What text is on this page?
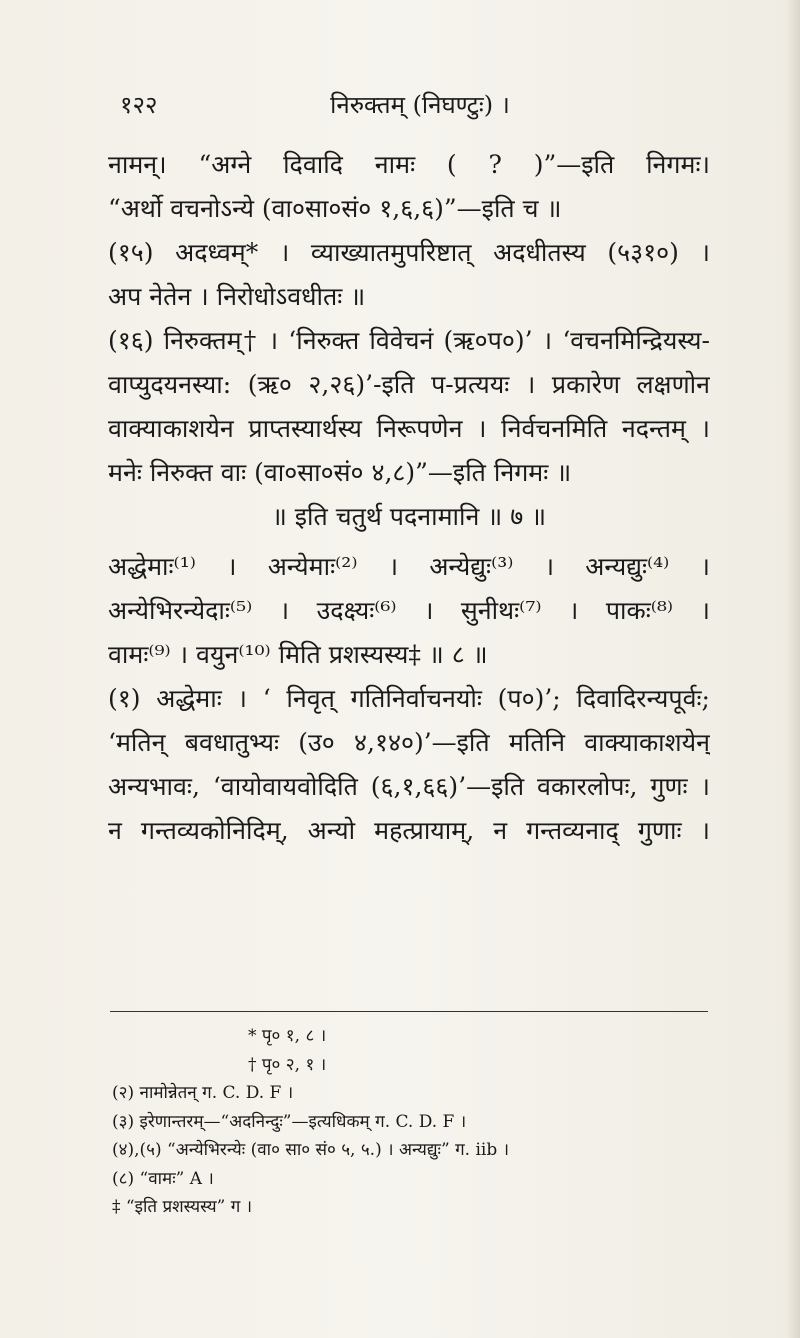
१२२	निरुक्तम् (निघण्टुः) ।
नामन्। “अग्ने दिवादि नामः ( ? )”—इति निगमः।
“अर्थो वचनोऽन्ये (वा०सा०सं० १,६,६)”—इति च ॥
(१५) अदध्वम्* । व्याख्यातमुपरिष्टात् अदधीतस्य (५३१०) ।
अप नेतेन । निरोधोऽवधीतः ॥
(१६) निरुक्तम्† । ‘निरुक्त विवेचनं (ऋ०प०)’ । ‘वचनमिन्द्रियस्य-
वाप्युदयनस्या: (ऋ० २,२६)’-इति प-प्रत्ययः । प्रकारेण लक्षणोन
वाक्याकाशयेन प्राप्तस्यार्थस्य निरूपणेन । निर्वचनमिति नदन्तम् ।
मनेः निरुक्त वाः (वा०सा०सं० ४,८)”—इति निगमः ॥
॥ इति चतुर्थ पदनामानि ॥ ७ ॥
अद्धेमाः⁽¹⁾ । अन्येमाः⁽²⁾ । अन्येद्युः⁽³⁾ । अन्यद्युः⁽⁴⁾ ।
अन्येभिरन्येदाः⁽⁵⁾ । उदक्ष्यः⁽⁶⁾ । सुनीथः⁽⁷⁾ । पाकः⁽⁸⁾ ।
वामः⁽⁹⁾ । वयुन⁽¹⁰⁾ मिति प्रशस्यस्य‡ ॥ ८ ॥
(१) अद्धेमाः । ‘ निवृत् गतिनिर्वाचनयोः (प०)’; दिवादिरन्यपूर्वः;
‘मतिन् बवधातुभ्यः (उ० ४,१४०)’—इति मतिनि वाक्याकाशयेन्
अन्यभावः, ‘वायोवायवोदिति (६,१,६६)’—इति वकारलोपः, गुणः ।
न गन्तव्यकोनिदिम्, अन्यो महत्प्रायाम्, न गन्तव्यनाद् गुणाः ।
* पृ० १, ८ ।
† पृ० २, १ ।
(२) नामोन्नेतन् ग. C. D. F ।
(३) इरेणान्तरम्—“अदनिन्दुः”—इत्यधिकम् ग. C. D. F ।
(४),(५) “अन्येभिरन्येः (वा० सा० सं० ५, ५.) । अन्यद्युः” ग. iib ।
(८) “वामः” A ।
‡ “इति प्रशस्यस्य” ग ।
